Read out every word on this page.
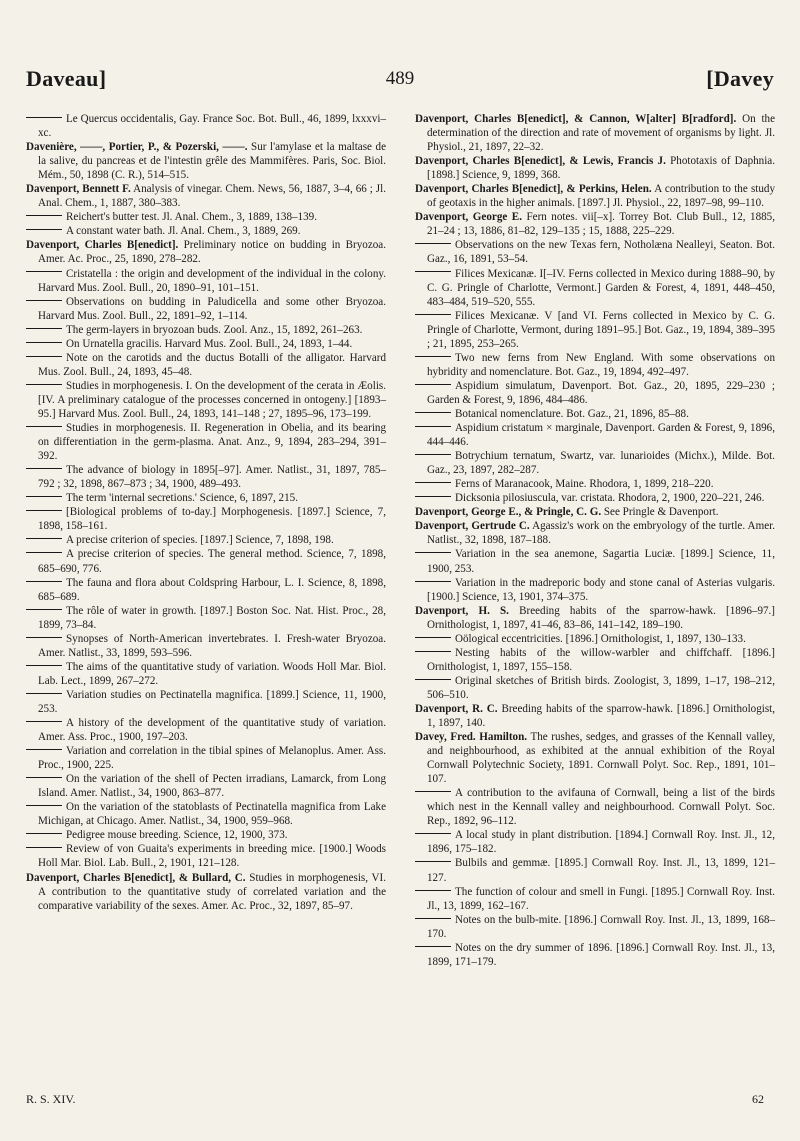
Daveau]	489	[Davey
Le Quercus occidentalis, Gay. France Soc. Bot. Bull., 46, 1899, lxxxvi–xc.
Davenière, ——, Portier, P., & Pozerski, ——. Sur l'amylase et la maltase de la salive, du pancreas et de l'intestin grêle des Mammifères. Paris, Soc. Biol. Mém., 50, 1898 (C. R.), 514–515.
Davenport, Bennett F. Analysis of vinegar. Chem. News, 56, 1887, 3–4, 66 ; Jl. Anal. Chem., 1, 1887, 380–383.
Reichert's butter test. Jl. Anal. Chem., 3, 1889, 138–139.
A constant water bath. Jl. Anal. Chem., 3, 1889, 269.
Davenport, Charles B[enedict]. Preliminary notice on budding in Bryozoa. Amer. Ac. Proc., 25, 1890, 278–282.
Cristatella : the origin and development of the individual in the colony. Harvard Mus. Zool. Bull., 20, 1890–91, 101–151.
Observations on budding in Paludicella and some other Bryozoa. Harvard Mus. Zool. Bull., 22, 1891–92, 1–114.
The germ-layers in bryozoan buds. Zool. Anz., 15, 1892, 261–263.
On Urnatella gracilis. Harvard Mus. Zool. Bull., 24, 1893, 1–44.
Note on the carotids and the ductus Botalli of the alligator. Harvard Mus. Zool. Bull., 24, 1893, 45–48.
Studies in morphogenesis. I. On the development of the cerata in Æolis. [IV. A preliminary catalogue of the processes concerned in ontogeny.] [1893–95.] Harvard Mus. Zool. Bull., 24, 1893, 141–148 ; 27, 1895–96, 173–199.
Studies in morphogenesis. II. Regeneration in Obelia, and its bearing on differentiation in the germ-plasma. Anat. Anz., 9, 1894, 283–294, 391–392.
The advance of biology in 1895[–97]. Amer. Natlist., 31, 1897, 785–792 ; 32, 1898, 867–873 ; 34, 1900, 489–493.
The term 'internal secretions.' Science, 6, 1897, 215.
[Biological problems of to-day.] Morphogenesis. [1897.] Science, 7, 1898, 158–161.
A precise criterion of species. [1897.] Science, 7, 1898, 198.
A precise criterion of species. The general method. Science, 7, 1898, 685–690, 776.
The fauna and flora about Coldspring Harbour, L. I. Science, 8, 1898, 685–689.
The rôle of water in growth. [1897.] Boston Soc. Nat. Hist. Proc., 28, 1899, 73–84.
Synopses of North-American invertebrates. I. Fresh-water Bryozoa. Amer. Natlist., 33, 1899, 593–596.
The aims of the quantitative study of variation. Woods Holl Mar. Biol. Lab. Lect., 1899, 267–272.
Variation studies on Pectinatella magnifica. [1899.] Science, 11, 1900, 253.
A history of the development of the quantitative study of variation. Amer. Ass. Proc., 1900, 197–203.
Variation and correlation in the tibial spines of Melanoplus. Amer. Ass. Proc., 1900, 225.
On the variation of the shell of Pecten irradians, Lamarck, from Long Island. Amer. Natlist., 34, 1900, 863–877.
On the variation of the statoblasts of Pectinatella magnifica from Lake Michigan, at Chicago. Amer. Natlist., 34, 1900, 959–968.
Pedigree mouse breeding. Science, 12, 1900, 373.
Review of von Guaita's experiments in breeding mice. [1900.] Woods Holl Mar. Biol. Lab. Bull., 2, 1901, 121–128.
Davenport, Charles B[enedict], & Bullard, C. Studies in morphogenesis, VI. A contribution to the quantitative study of correlated variation and the comparative variability of the sexes. Amer. Ac. Proc., 32, 1897, 85–97.
Davenport, Charles B[enedict], & Cannon, W[alter] B[radford]. On the determination of the direction and rate of movement of organisms by light. Jl. Physiol., 21, 1897, 22–32.
Davenport, Charles B[enedict], & Lewis, Francis J. Phototaxis of Daphnia. [1898.] Science, 9, 1899, 368.
Davenport, Charles B[enedict], & Perkins, Helen. A contribution to the study of geotaxis in the higher animals. [1897.] Jl. Physiol., 22, 1897–98, 99–110.
Davenport, George E. Fern notes. vii[–x]. Torrey Bot. Club Bull., 12, 1885, 21–24 ; 13, 1886, 81–82, 129–135 ; 15, 1888, 225–229.
Observations on the new Texas fern, Notholæna Nealleyi, Seaton. Bot. Gaz., 16, 1891, 53–54.
Filices Mexicanæ. I[–IV. Ferns collected in Mexico during 1888–90, by C. G. Pringle of Charlotte, Vermont.] Garden & Forest, 4, 1891, 448–450, 483–484, 519–520, 555.
Filices Mexicanæ. V [and VI. Ferns collected in Mexico by C. G. Pringle of Charlotte, Vermont, during 1891–95.] Bot. Gaz., 19, 1894, 389–395 ; 21, 1895, 253–265.
Two new ferns from New England. With some observations on hybridity and nomenclature. Bot. Gaz., 19, 1894, 492–497.
Aspidium simulatum, Davenport. Bot. Gaz., 20, 1895, 229–230 ; Garden & Forest, 9, 1896, 484–486.
Botanical nomenclature. Bot. Gaz., 21, 1896, 85–88.
Aspidium cristatum × marginale, Davenport. Garden & Forest, 9, 1896, 444–446.
Botrychium ternatum, Swartz, var. lunarioides (Michx.), Milde. Bot. Gaz., 23, 1897, 282–287.
Ferns of Maranacook, Maine. Rhodora, 1, 1899, 218–220.
Dicksonia pilosiuscula, var. cristata. Rhodora, 2, 1900, 220–221, 246.
Davenport, George E., & Pringle, C. G. See Pringle & Davenport.
Davenport, Gertrude C. Agassiz's work on the embryology of the turtle. Amer. Natlist., 32, 1898, 187–188.
Variation in the sea anemone, Sagartia Luciæ. [1899.] Science, 11, 1900, 253.
Variation in the madreporic body and stone canal of Asterias vulgaris. [1900.] Science, 13, 1901, 374–375.
Davenport, H. S. Breeding habits of the sparrow-hawk. [1896–97.] Ornithologist, 1, 1897, 41–46, 83–86, 141–142, 189–190.
Oölogical eccentricities. [1896.] Ornithologist, 1, 1897, 130–133.
Nesting habits of the willow-warbler and chiffchaff. [1896.] Ornithologist, 1, 1897, 155–158.
Original sketches of British birds. Zoologist, 3, 1899, 1–17, 198–212, 506–510.
Davenport, R. C. Breeding habits of the sparrow-hawk. [1896.] Ornithologist, 1, 1897, 140.
Davey, Fred. Hamilton. The rushes, sedges, and grasses of the Kennall valley, and neighbourhood, as exhibited at the annual exhibition of the Royal Cornwall Polytechnic Society, 1891. Cornwall Polyt. Soc. Rep., 1891, 101–107.
A contribution to the avifauna of Cornwall, being a list of the birds which nest in the Kennall valley and neighbourhood. Cornwall Polyt. Soc. Rep., 1892, 96–112.
A local study in plant distribution. [1894.] Cornwall Roy. Inst. Jl., 12, 1896, 175–182.
Bulbils and gemmæ. [1895.] Cornwall Roy. Inst. Jl., 13, 1899, 121–127.
The function of colour and smell in Fungi. [1895.] Cornwall Roy. Inst. Jl., 13, 1899, 162–167.
Notes on the bulb-mite. [1896.] Cornwall Roy. Inst. Jl., 13, 1899, 168–170.
Notes on the dry summer of 1896. [1896.] Cornwall Roy. Inst. Jl., 13, 1899, 171–179.
R. S. XIV.	62
